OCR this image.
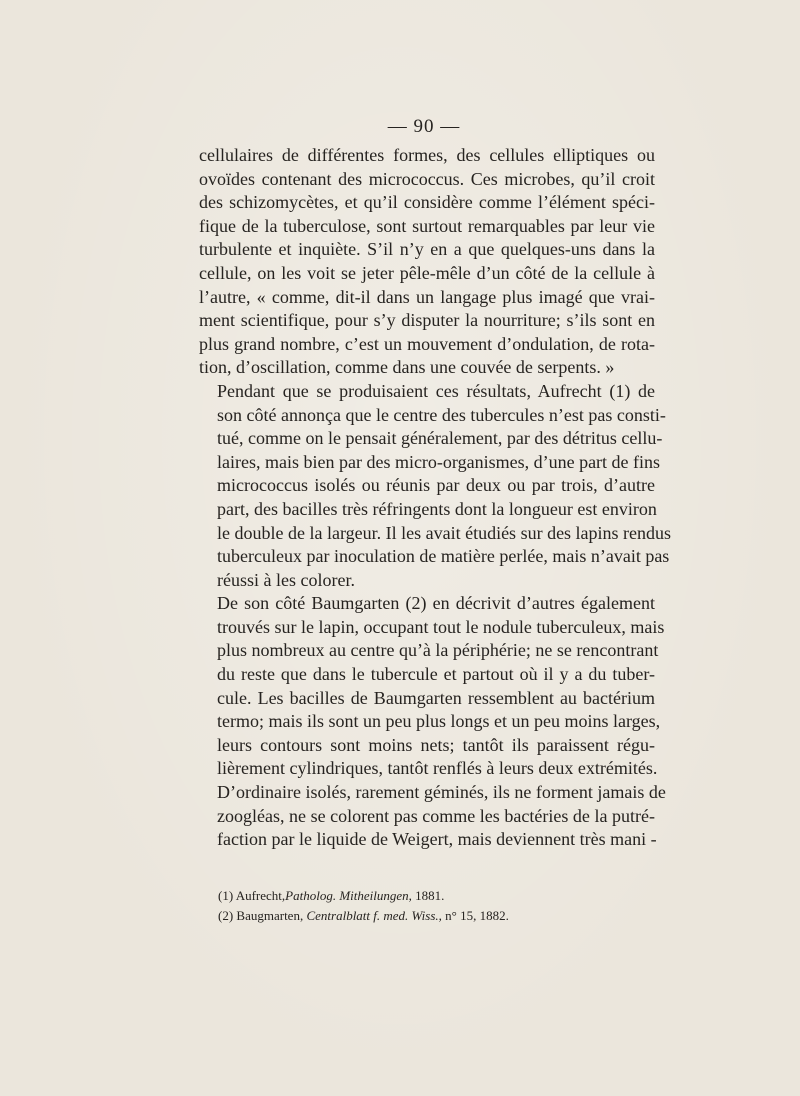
— 90 —

cellulaires de différentes formes, des cellules elliptiques ou
ovoïdes contenant des micrococcus. Ces microbes, qu’il croit
des schizomycètes, et qu’il considère comme l’élément spéci-
fique de la tuberculose, sont surtout remarquables par leur vie
turbulente et inquiète. S’il n’y en a que quelques-uns dans la
cellule, on les voit se jeter pêle-mêle d’un côté de la cellule à
l’autre, « comme, dit-il dans un langage plus imagé que vrai-
ment scientifique, pour s’y disputer la nourriture; s’ils sont en
plus grand nombre, c’est un mouvement d’ondulation, de rota-
tion, d’oscillation, comme dans une couvée de serpents. »

Pendant que se produisaient ces résultats, Aufrecht (1) de
son côté annonça que le centre des tubercules n’est pas consti-
tué, comme on le pensait généralement, par des détritus cellu-
laires, mais bien par des micro-organismes, d’une part de fins
micrococcus isolés ou réunis par deux ou par trois, d’autre
part, des bacilles très réfringents dont la longueur est environ
le double de la largeur. Il les avait étudiés sur des lapins rendus
tuberculeux par inoculation de matière perlée, mais n’avait pas
réussi à les colorer.

De son côté Baumgarten (2) en décrivit d’autres également
trouvés sur le lapin, occupant tout le nodule tuberculeux, mais
plus nombreux au centre qu’à la périphérie; ne se rencontrant
du reste que dans le tubercule et partout où il y a du tuber-
cule. Les bacilles de Baumgarten ressemblent au bactérium
termo; mais ils sont un peu plus longs et un peu moins larges,
leurs contours sont moins nets; tantôt ils paraissent régu-
lièrement cylindriques, tantôt renflés à leurs deux extrémités.
D’ordinaire isolés, rarement géminés, ils ne forment jamais de
zoogléas, ne se colorent pas comme les bactéries de la putré-
faction par le liquide de Weigert, mais deviennent très mani -

(1) Aufrecht,Patholog. Mitheilungen, 1881.
(2) Baugmarten, Centralblatt f. med. Wiss., n° 15, 1882.
